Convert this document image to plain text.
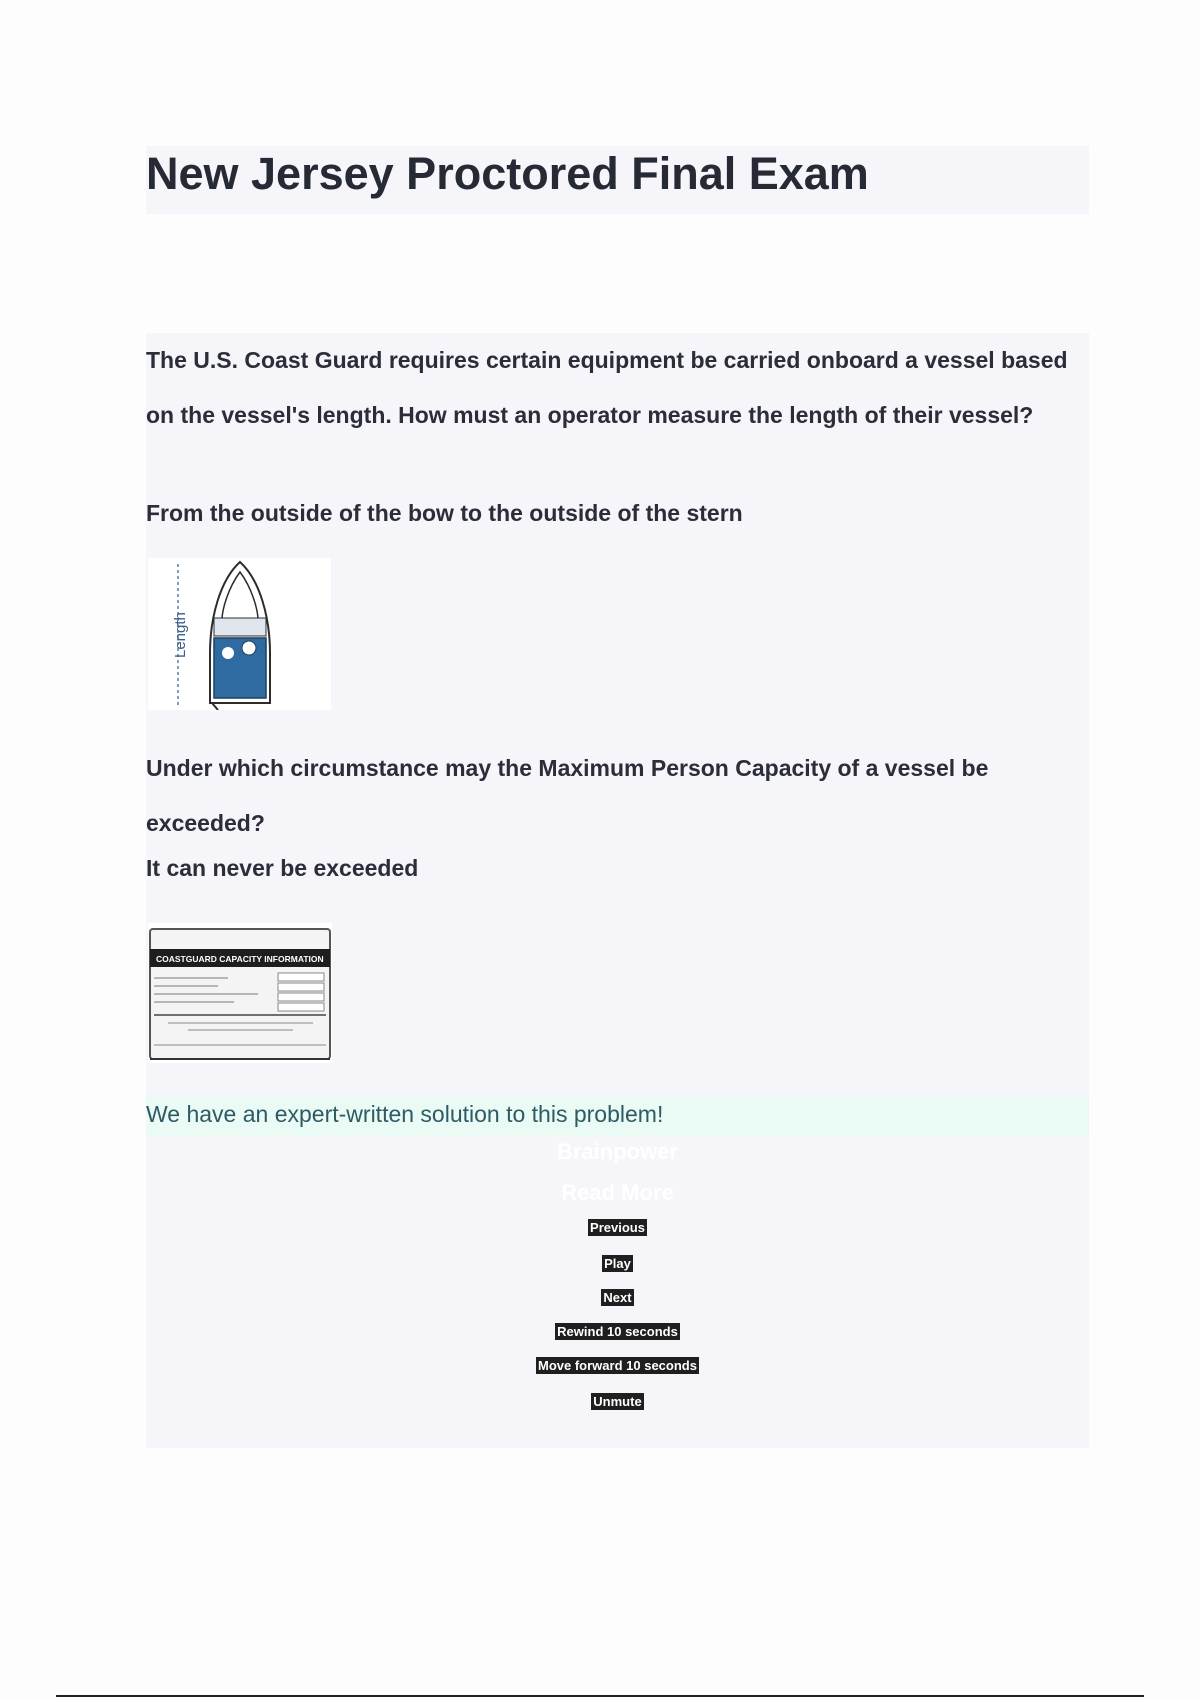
New Jersey Proctored Final Exam

The U.S. Coast Guard requires certain equipment be carried onboard a vessel based on the vessel's length. How must an operator measure the length of their vessel?

From the outside of the bow to the outside of the stern

Length

Under which circumstance may the Maximum Person Capacity of a vessel be exceeded?

It can never be exceeded

COASTGUARD CAPACITY INFORMATION
We have an expert-written solution to this problem!
Brainpower
Read More
Previous
Play
Next
Rewind 10 seconds
Move forward 10 seconds
Unmute
